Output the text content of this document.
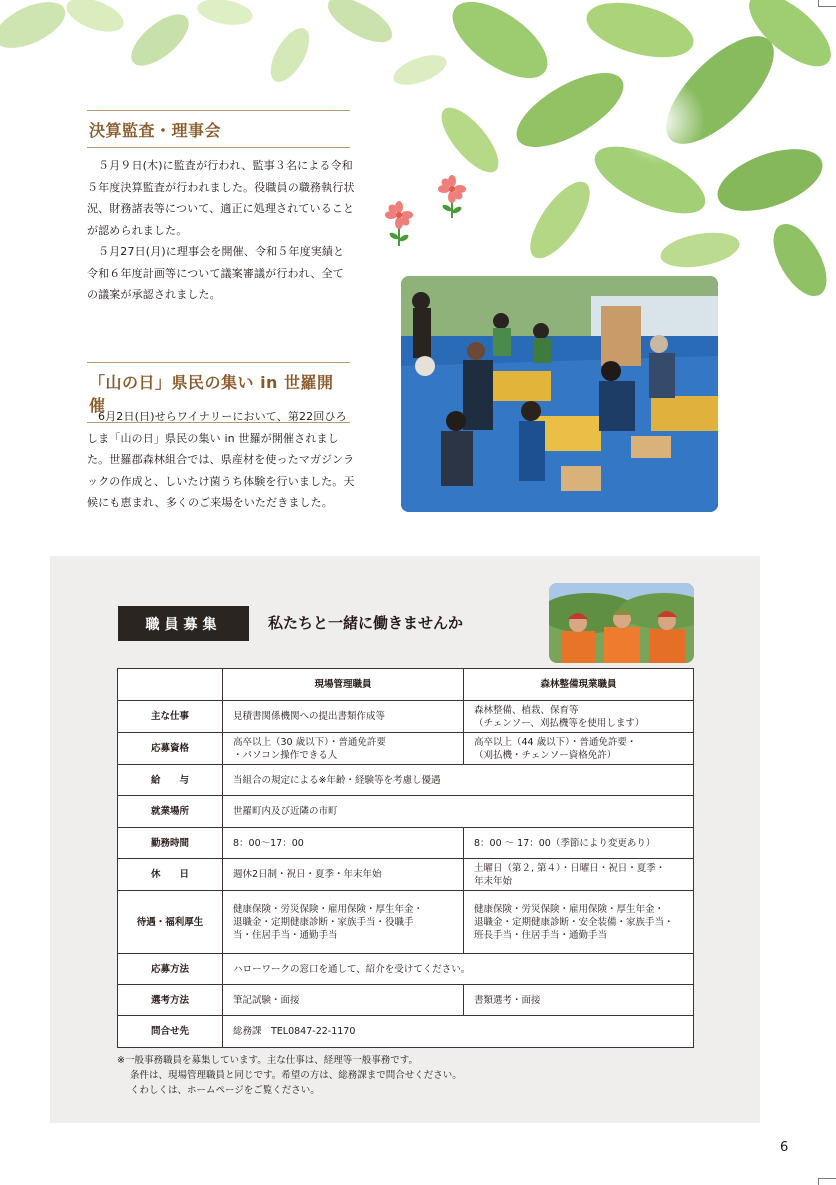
決算監査・理事会

５月９日(木)に監査が行われ、監事３名による令和５年度決算監査が行われました。役職員の職務執行状況、財務諸表等について、適正に処理されていることが認められました。

５月27日(月)に理事会を開催、令和５年度実績と令和６年度計画等について議案審議が行われ、全ての議案が承認されました。

「山の日」県民の集い in 世羅開催

6月2日(日)せらワイナリーにおいて、第22回ひろしま「山の日」県民の集い in 世羅が開催されました。世羅郡森林組合では、県産材を使ったマガジンラックの作成と、しいたけ菌うち体験を行いました。天候にも恵まれ、多くのご来場をいただきました。

職員募集	私たちと一緒に働きませんか
	現場管理職員	森林整備現業職員
主な仕事	見積書関係機関への提出書類作成等	森林整備、植栽、保育等
（チェンソー、刈払機等を使用します）
応募資格	高卒以上（30 歳以下）・普通免許要
・パソコン操作できる人	高卒以上（44 歳以下）・普通免許要・
（刈払機・チェンソー資格免許）
給　　与	当組合の規定による※年齢・経験等を考慮し優遇	
就業場所	世羅町内及び近隣の市町	
勤務時間	8：00～17：00	8：00 ～ 17：00（季節により変更あり）
休　　日	週休2日制・祝日・夏季・年末年始	土曜日（第２, 第４）・日曜日・祝日・夏季・
年末年始
待遇・福利厚生	健康保険・労災保険・雇用保険・厚生年金・
退職金・定期健康診断・家族手当・役職手
当・住居手当・通勤手当	健康保険・労災保険・雇用保険・厚生年金・
退職金・定期健康診断・安全装備・家族手当・
班長手当・住居手当・通勤手当
応募方法	ハローワークの窓口を通して、紹介を受けてください。	
選考方法	筆記試験・面接	書類選考・面接
問合せ先	総務課　TEL0847-22-1170	
※一般事務職員を募集しています。主な仕事は、経理等一般事務です。
条件は、現場管理職員と同じです。希望の方は、総務課まで問合せください。
くわしくは、ホームページをご覧ください。
6
